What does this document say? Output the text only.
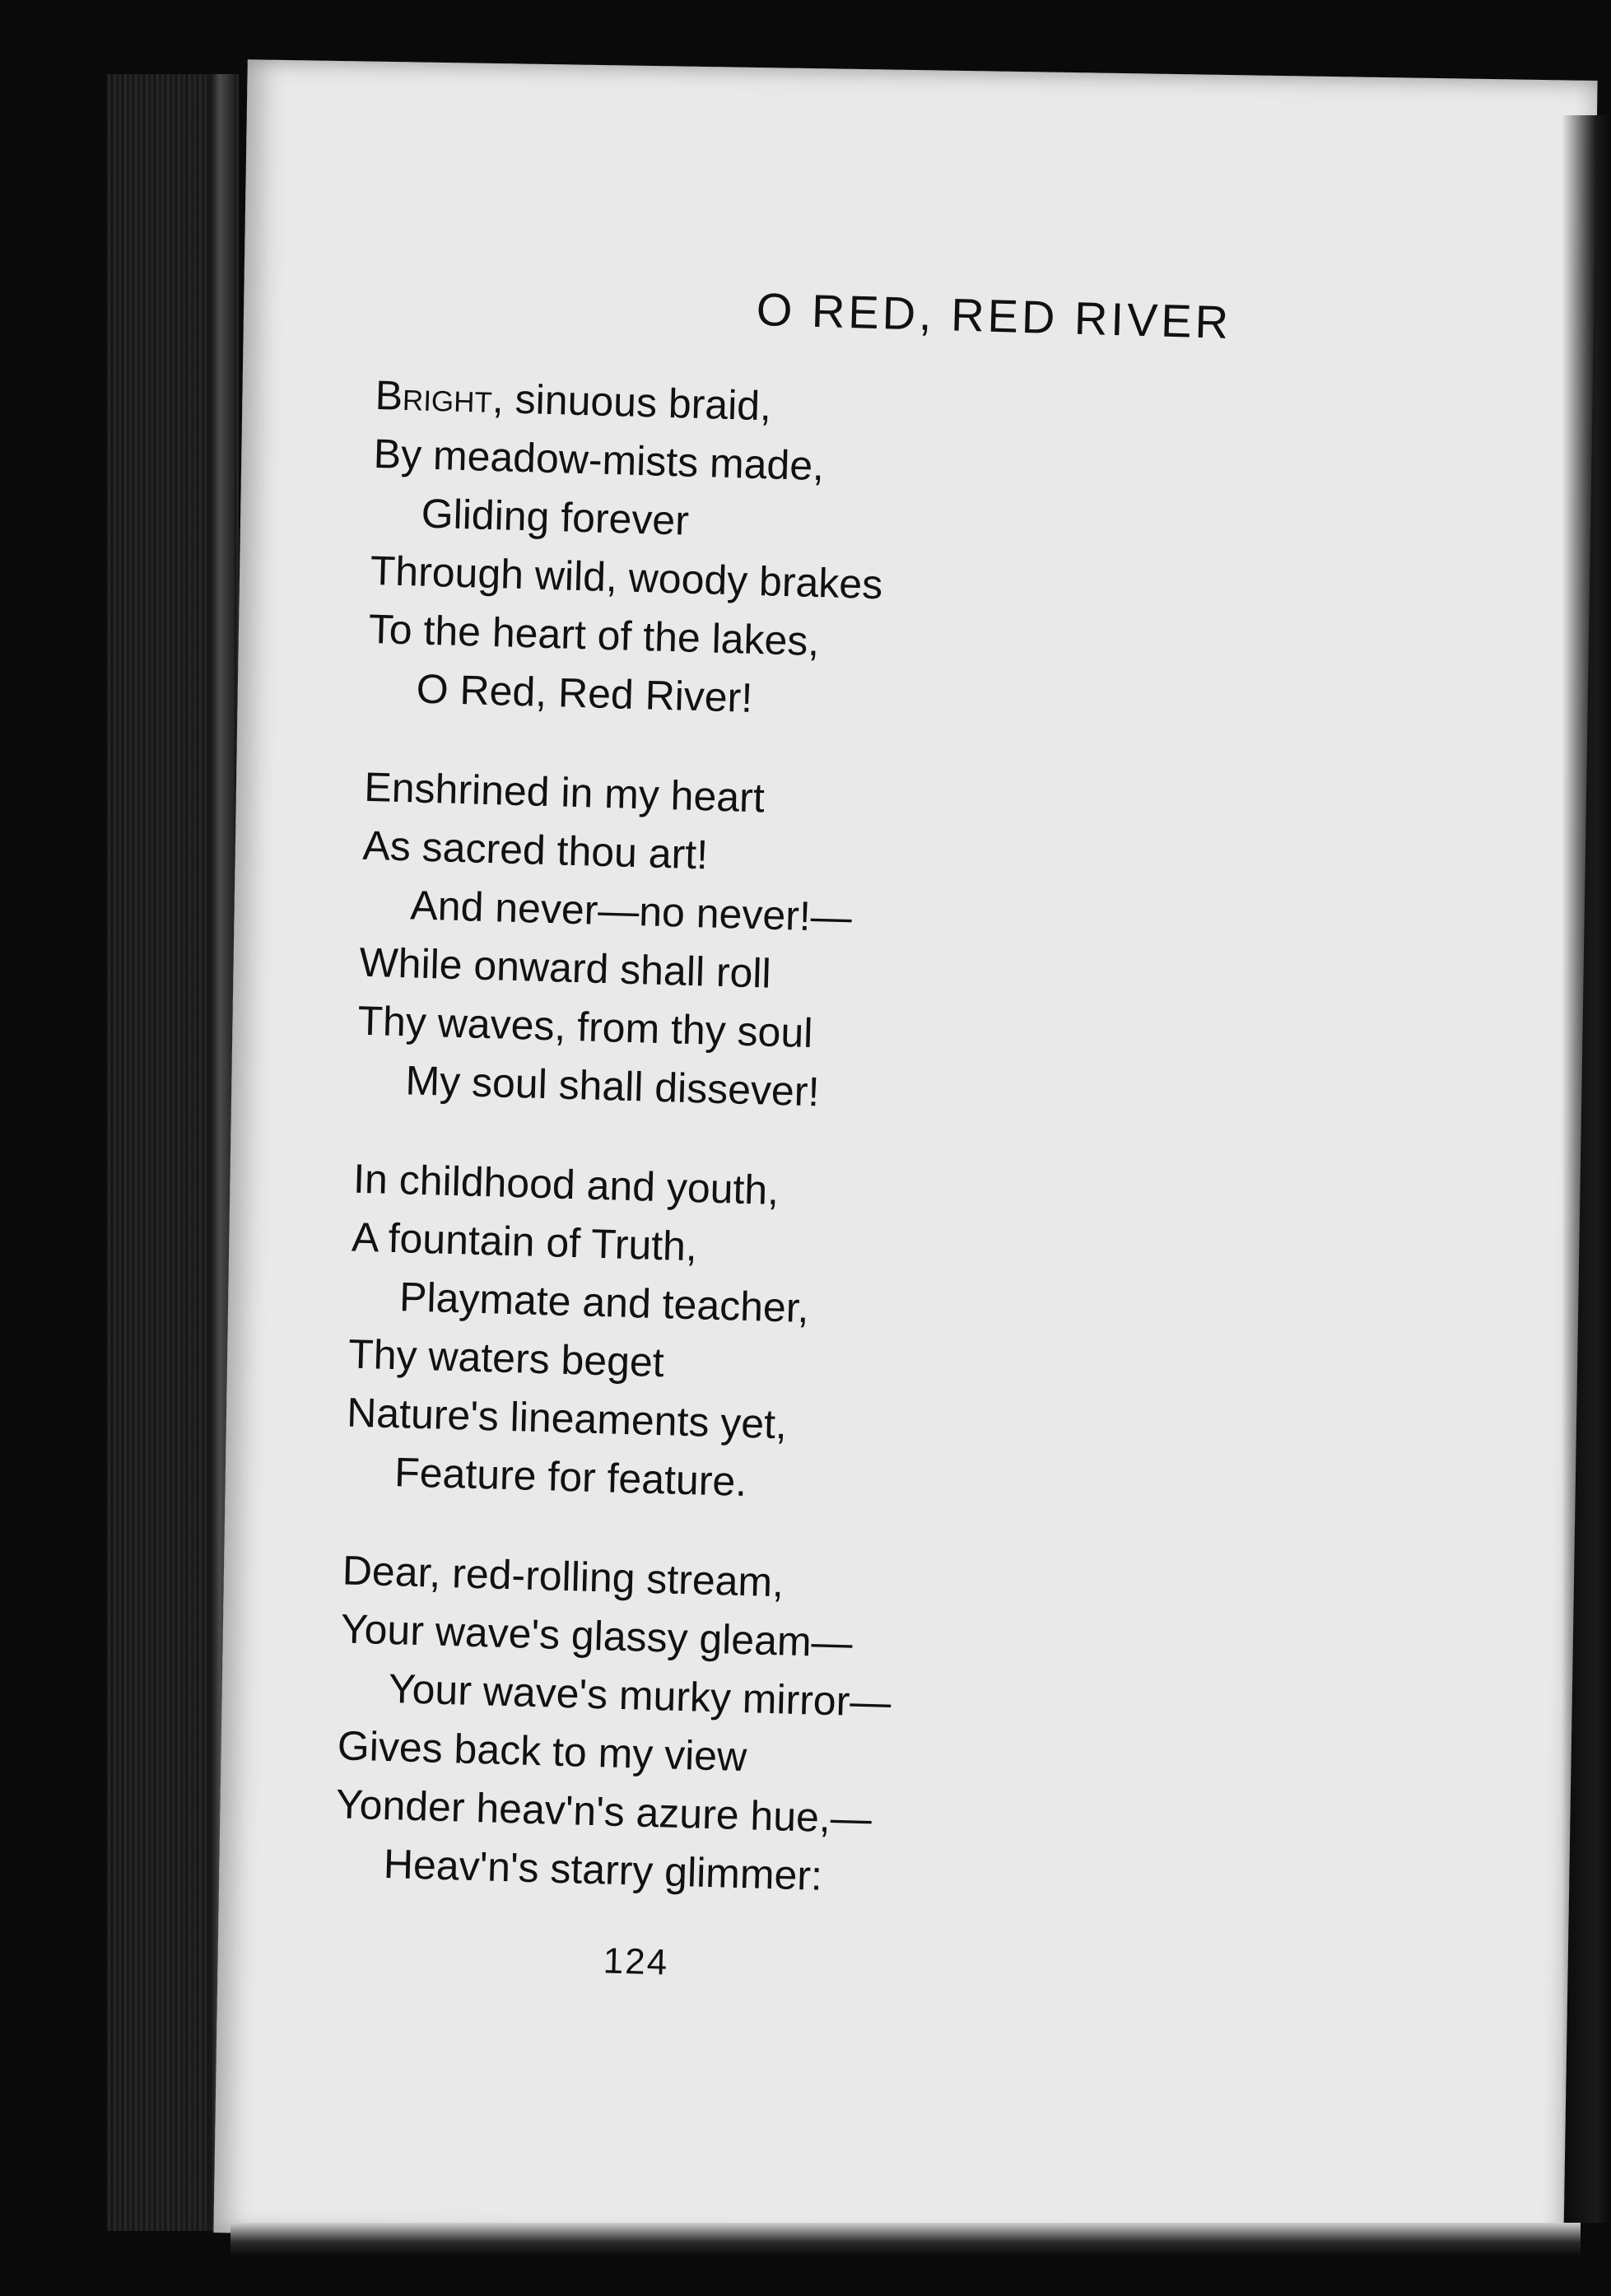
O RED, RED RIVER

Bright, sinuous braid,

By meadow-mists made,

Gliding forever

Through wild, woody brakes

To the heart of the lakes,

O Red, Red River!

Enshrined in my heart

As sacred thou art!

And never—no never!—

While onward shall roll

Thy waves, from thy soul

My soul shall dissever!

In childhood and youth,

A fountain of Truth,

Playmate and teacher,

Thy waters beget

Nature's lineaments yet,

Feature for feature.

Dear, red-rolling stream,

Your wave's glassy gleam—

Your wave's murky mirror—

Gives back to my view

Yonder heav'n's azure hue,—

Heav'n's starry glimmer:

124
